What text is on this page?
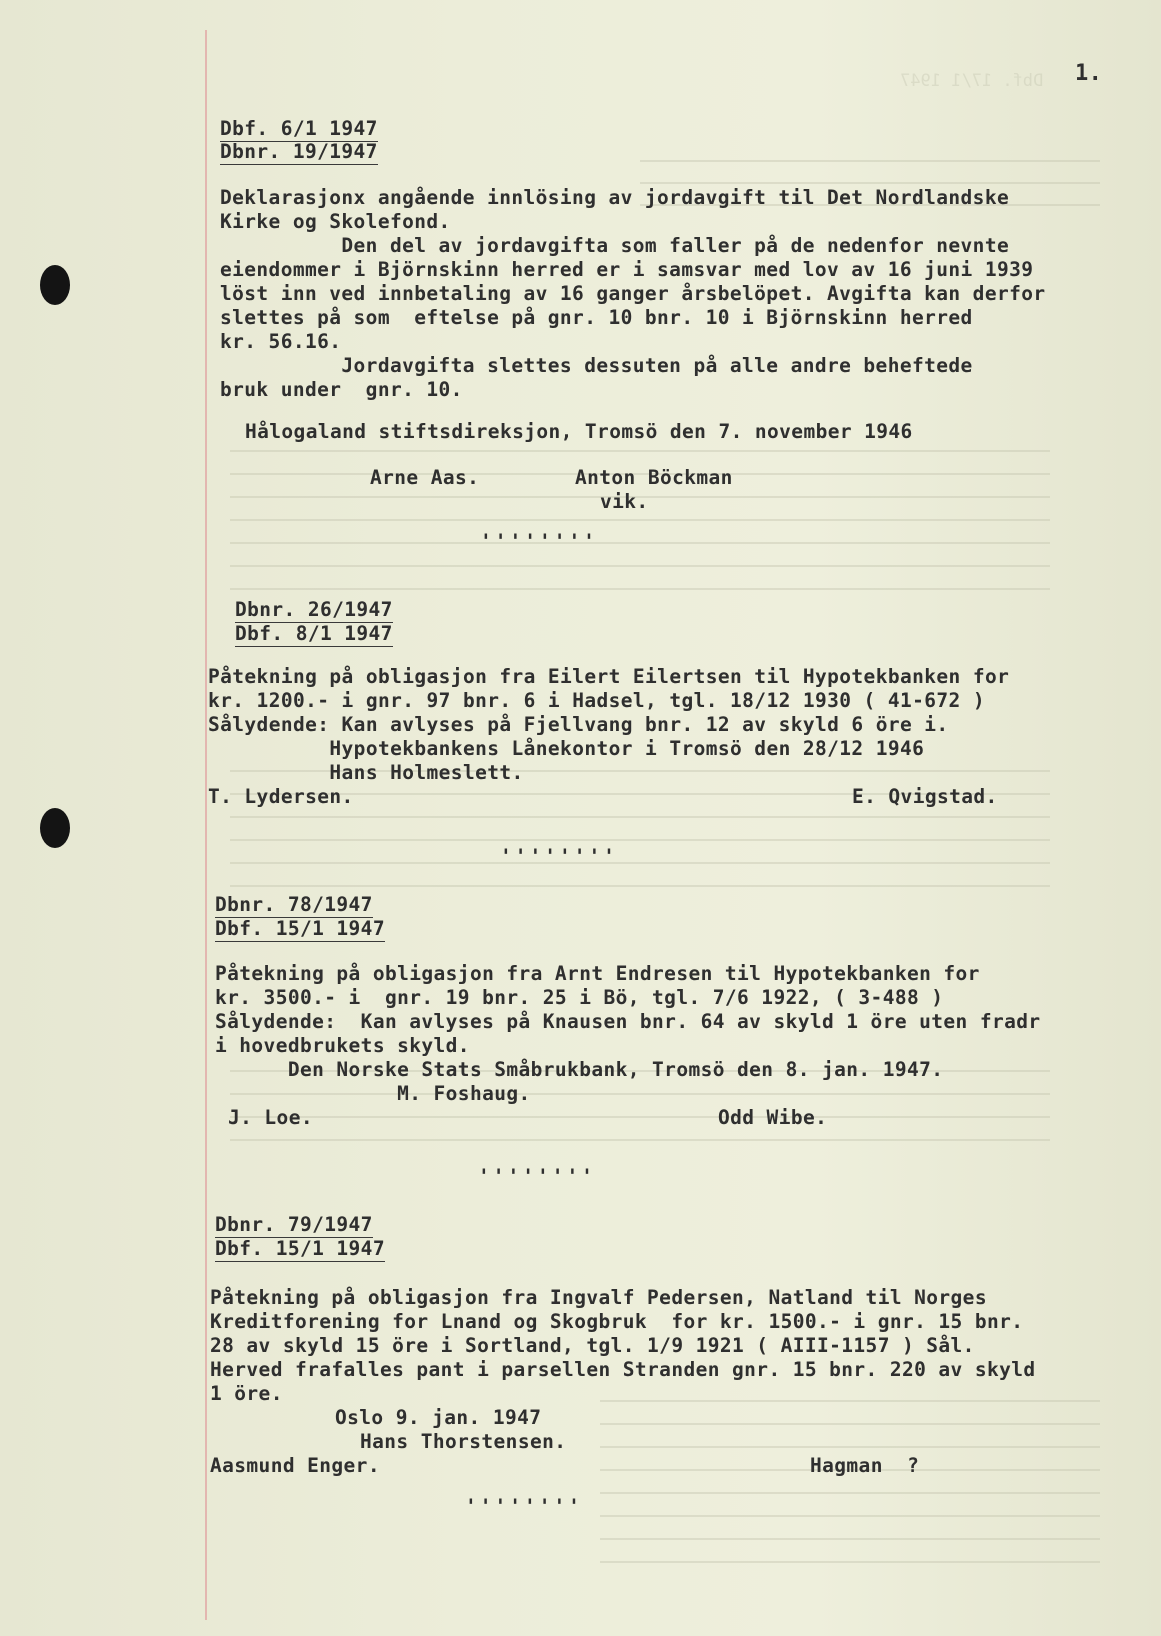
Dbf. 17/1 1947 1.
Dbf. 6/1 1947
Dbnr. 19/1947
Deklarasjonx angående innlösing av jordavgift til Det Nordlandske
Kirke og Skolefond.
Den del av jordavgifta som faller på de nedenfor nevnte
eiendommer i Björnskinn herred er i samsvar med lov av 16 juni 1939
löst inn ved innbetaling av 16 ganger årsbelöpet. Avgifta kan derfor
slettes på som  eftelse på gnr. 10 bnr. 10 i Björnskinn herred
kr. 56.16.
Jordavgifta slettes dessuten på alle andre beheftede
bruk under  gnr. 10.
Hålogaland stiftsdireksjon, Tromsö den 7. november 1946
Arne Aas.	Anton Böckman
vik.
''''''''
Dbnr. 26/1947
Dbf. 8/1 1947
Påtekning på obligasjon fra Eilert Eilertsen til Hypotekbanken for
kr. 1200.- i gnr. 97 bnr. 6 i Hadsel, tgl. 18/12 1930 ( 41-672 )
Sålydende: Kan avlyses på Fjellvang bnr. 12 av skyld 6 öre i.
Hypotekbankens Lånekontor i Tromsö den 28/12 1946
Hans Holmeslett.
T. Lydersen.	E. Qvigstad.
''''''''
Dbnr. 78/1947
Dbf. 15/1 1947
Påtekning på obligasjon fra Arnt Endresen til Hypotekbanken for
kr. 3500.- i  gnr. 19 bnr. 25 i Bö, tgl. 7/6 1922, ( 3-488 )
Sålydende:  Kan avlyses på Knausen bnr. 64 av skyld 1 öre uten fradr
i hovedbrukets skyld.
Den Norske Stats Småbrukbank, Tromsö den 8. jan. 1947.
M. Foshaug.
J. Loe.	Odd Wibe.
''''''''
Dbnr. 79/1947
Dbf. 15/1 1947
Påtekning på obligasjon fra Ingvalf Pedersen, Natland til Norges
Kreditforening for Lnand og Skogbruk  for kr. 1500.- i gnr. 15 bnr.
28 av skyld 15 öre i Sortland, tgl. 1/9 1921 ( AIII-1157 ) Sål.
Herved frafalles pant i parsellen Stranden gnr. 15 bnr. 220 av skyld
1 öre.
Oslo 9. jan. 1947
Hans Thorstensen.
Aasmund Enger.	Hagman  ?
''''''''
